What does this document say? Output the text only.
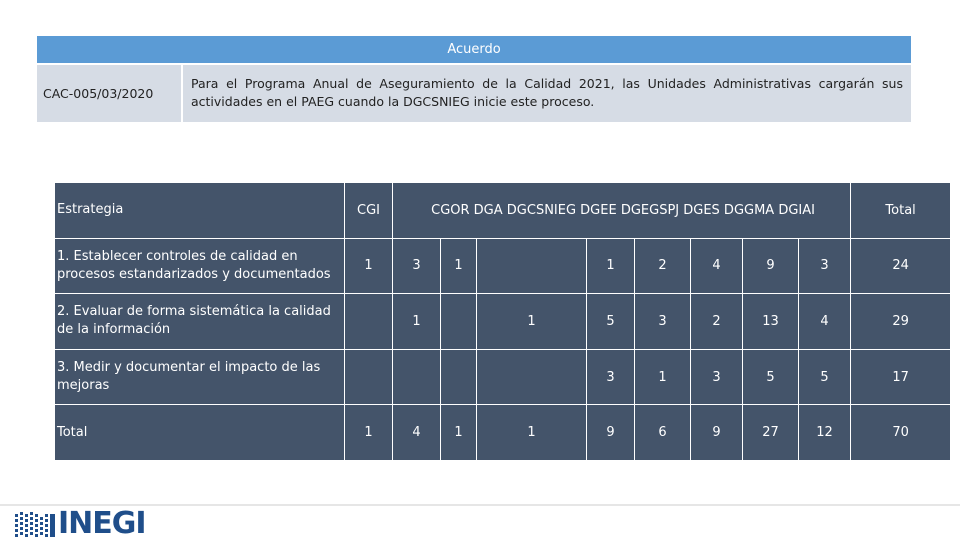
Acuerdo
CAC-005/03/2020
Para el Programa Anual de Aseguramiento de la Calidad 2021, las Unidades Administrativas cargarán sus actividades en el PAEG cuando la DGCSNIEG inicie este proceso.
Estrategia	CGI	CGOR DGA DGCSNIEG DGEE DGEGSPJ DGES DGGMA DGIAI								Total
1. Establecer controles de calidad en procesos estandarizados y documentados	1	3	1		1	2	4	9	3	24
2. Evaluar de forma sistemática la calidad de la información		1		1	5	3	2	13	4	29
3. Medir y documentar el impacto de las mejoras					3	1	3	5	5	17
Total	1	4	1	1	9	6	9	27	12	70
INEGI
